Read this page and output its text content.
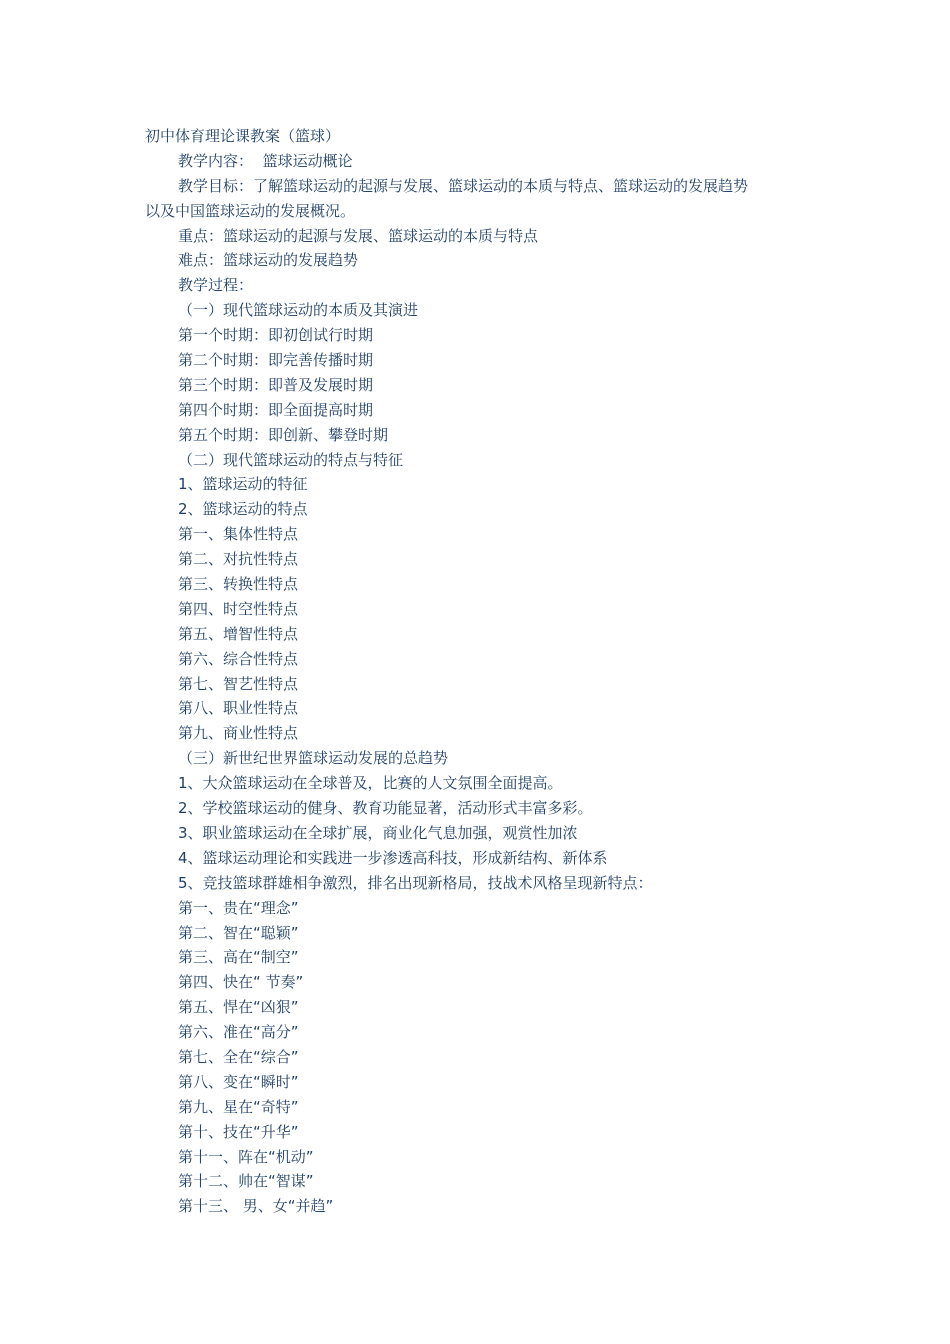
初中体育理论课教案（篮球）

教学内容： 篮球运动概论

教学目标：了解篮球运动的起源与发展、篮球运动的本质与特点、篮球运动的发展趋势

以及中国篮球运动的发展概况。

重点：篮球运动的起源与发展、篮球运动的本质与特点

难点：篮球运动的发展趋势

教学过程：

（一）现代篮球运动的本质及其演进

第一个时期：即初创试行时期

第二个时期：即完善传播时期

第三个时期：即普及发展时期

第四个时期：即全面提高时期

第五个时期：即创新、攀登时期

（二）现代篮球运动的特点与特征

1、篮球运动的特征

2、篮球运动的特点

第一、集体性特点

第二、对抗性特点

第三、转换性特点

第四、时空性特点

第五、增智性特点

第六、综合性特点

第七、智艺性特点

第八、职业性特点

第九、商业性特点

（三）新世纪世界篮球运动发展的总趋势

1、大众篮球运动在全球普及，比赛的人文氛围全面提高。

2、学校篮球运动的健身、教育功能显著，活动形式丰富多彩。

3、职业篮球运动在全球扩展，商业化气息加强，观赏性加浓

4、篮球运动理论和实践进一步渗透高科技，形成新结构、新体系

5、竞技篮球群雄相争激烈，排名出现新格局，技战术风格呈现新特点：

第一、贵在“理念”

第二、智在“聪颖”

第三、高在“制空”

第四、快在“ 节奏”

第五、悍在“凶狠”

第六、准在“高分”

第七、全在“综合”

第八、变在“瞬时”

第九、星在“奇特”

第十、技在“升华”

第十一、阵在“机动”

第十二、帅在“智谋”

第十三、 男、女“并趋”
